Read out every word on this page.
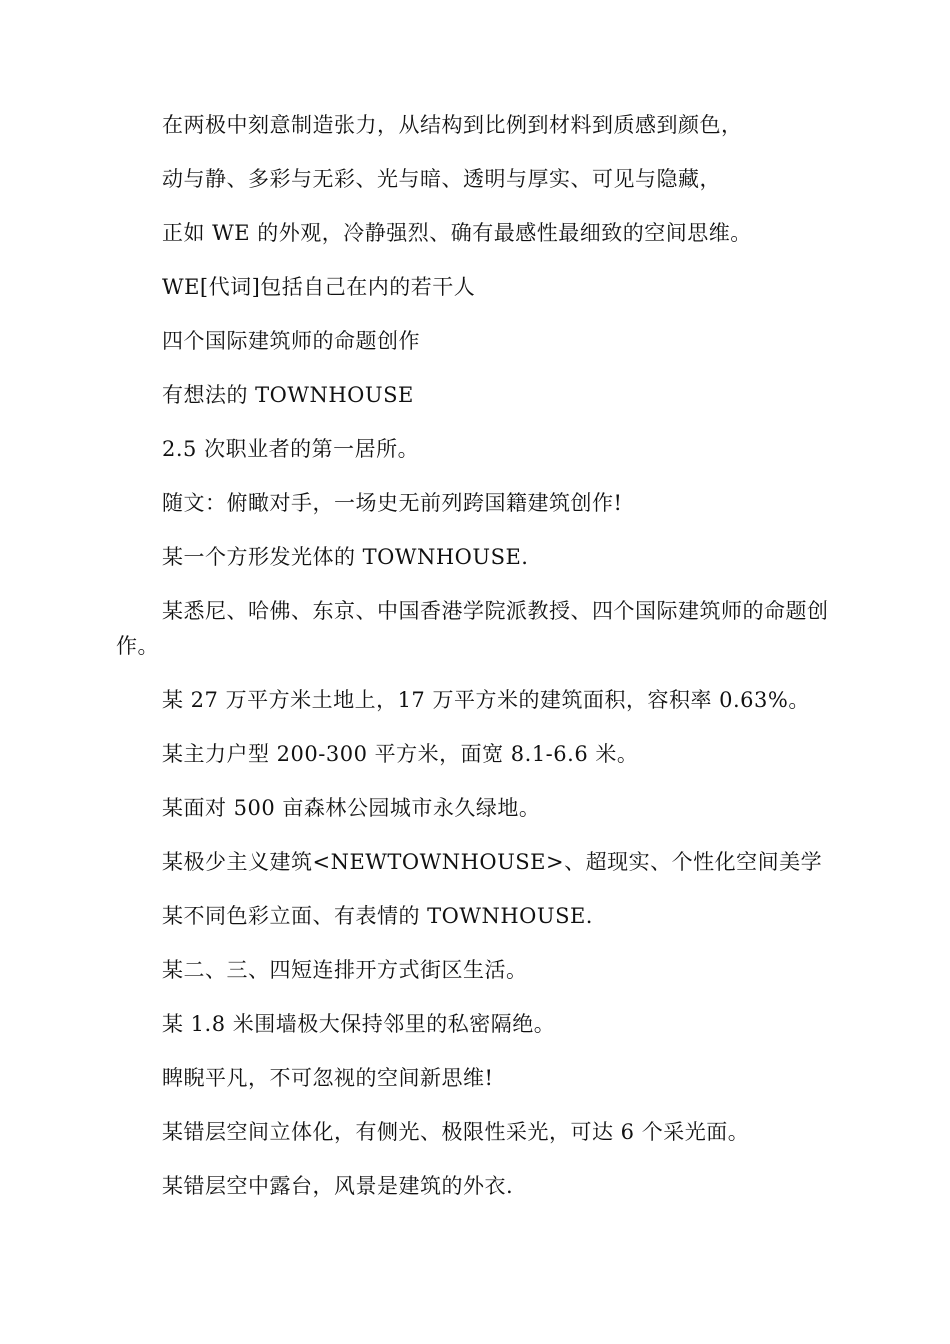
在两极中刻意制造张力，从结构到比例到材料到质感到颜色，

动与静、多彩与无彩、光与暗、透明与厚实、可见与隐藏，

正如 WE 的外观，冷静强烈、确有最感性最细致的空间思维。

WE[代词]包括自己在内的若干人

四个国际建筑师的命题创作

有想法的 TOWNHOUSE

2.5 次职业者的第一居所。

随文：俯瞰对手，一场史无前列跨国籍建筑创作!

某一个方形发光体的 TOWNHOUSE.

某悉尼、哈佛、东京、中国香港学院派教授、四个国际建筑师的命题创作。

某 27 万平方米土地上，17 万平方米的建筑面积，容积率 0.63%。

某主力户型 200-300 平方米，面宽 8.1-6.6 米。

某面对 500 亩森林公园城市永久绿地。

某极少主义建筑<NEWTOWNHOUSE>、超现实、个性化空间美学

某不同色彩立面、有表情的 TOWNHOUSE.

某二、三、四短连排开方式街区生活。

某 1.8 米围墙极大保持邻里的私密隔绝。

睥睨平凡，不可忽视的空间新思维!

某错层空间立体化，有侧光、极限性采光，可达 6 个采光面。

某错层空中露台，风景是建筑的外衣.
